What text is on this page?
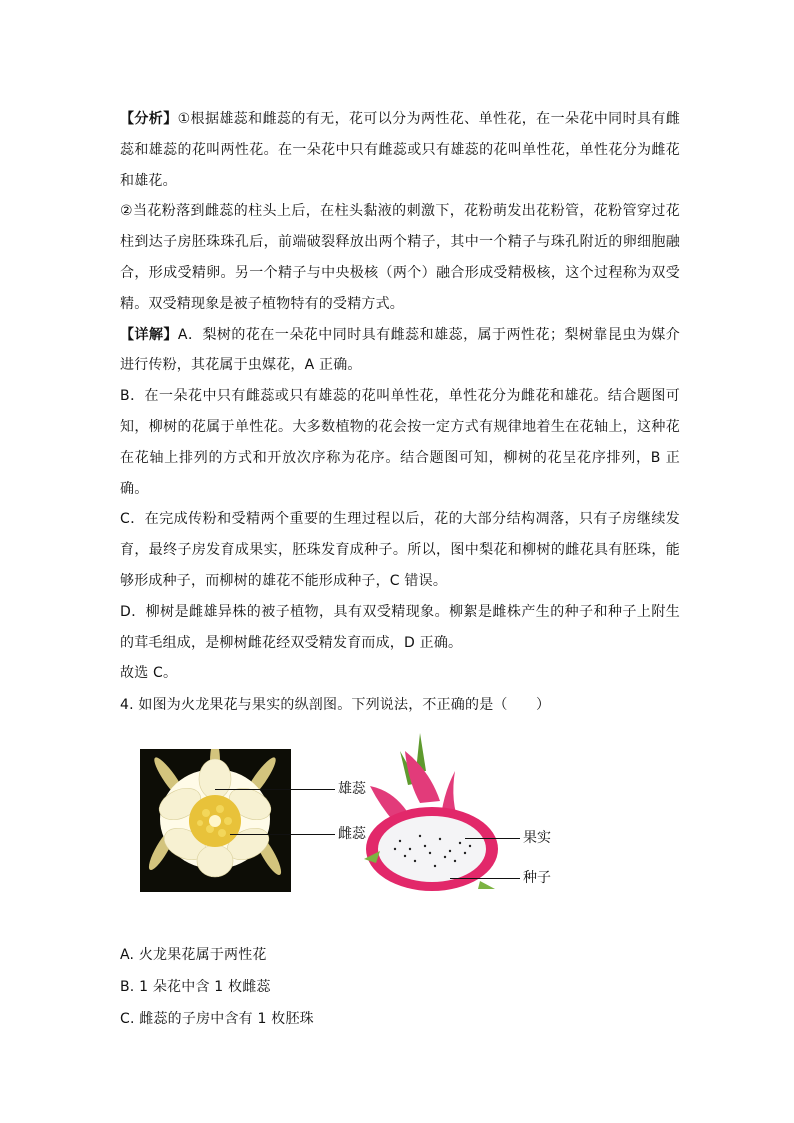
【分析】①根据雄蕊和雌蕊的有无，花可以分为两性花、单性花，在一朵花中同时具有雌蕊和雄蕊的花叫两性花。在一朵花中只有雌蕊或只有雄蕊的花叫单性花，单性花分为雌花和雄花。

②当花粉落到雌蕊的柱头上后，在柱头黏液的刺激下，花粉萌发出花粉管，花粉管穿过花柱到达子房胚珠珠孔后，前端破裂释放出两个精子，其中一个精子与珠孔附近的卵细胞融合，形成受精卵。另一个精子与中央极核（两个）融合形成受精极核，这个过程称为双受精。双受精现象是被子植物特有的受精方式。

【详解】A．梨树的花在一朵花中同时具有雌蕊和雄蕊，属于两性花；梨树靠昆虫为媒介进行传粉，其花属于虫媒花，A 正确。

B．在一朵花中只有雌蕊或只有雄蕊的花叫单性花，单性花分为雌花和雄花。结合题图可知，柳树的花属于单性花。大多数植物的花会按一定方式有规律地着生在花轴上，这种花在花轴上排列的方式和开放次序称为花序。结合题图可知，柳树的花呈花序排列，B 正确。

C．在完成传粉和受精两个重要的生理过程以后，花的大部分结构凋落，只有子房继续发育，最终子房发育成果实，胚珠发育成种子。所以，图中梨花和柳树的雌花具有胚珠，能够形成种子，而柳树的雄花不能形成种子，C 错误。

D．柳树是雌雄异株的被子植物，具有双受精现象。柳絮是雌株产生的种子和种子上附生的茸毛组成，是柳树雌花经双受精发育而成，D 正确。

故选 C。

4. 如图为火龙果花与果实的纵剖图。下列说法，不正确的是（　　）

雄蕊
雌蕊	果实
种子

A. 火龙果花属于两性花

B. 1 朵花中含 1 枚雌蕊

C. 雌蕊的子房中含有 1 枚胚珠
